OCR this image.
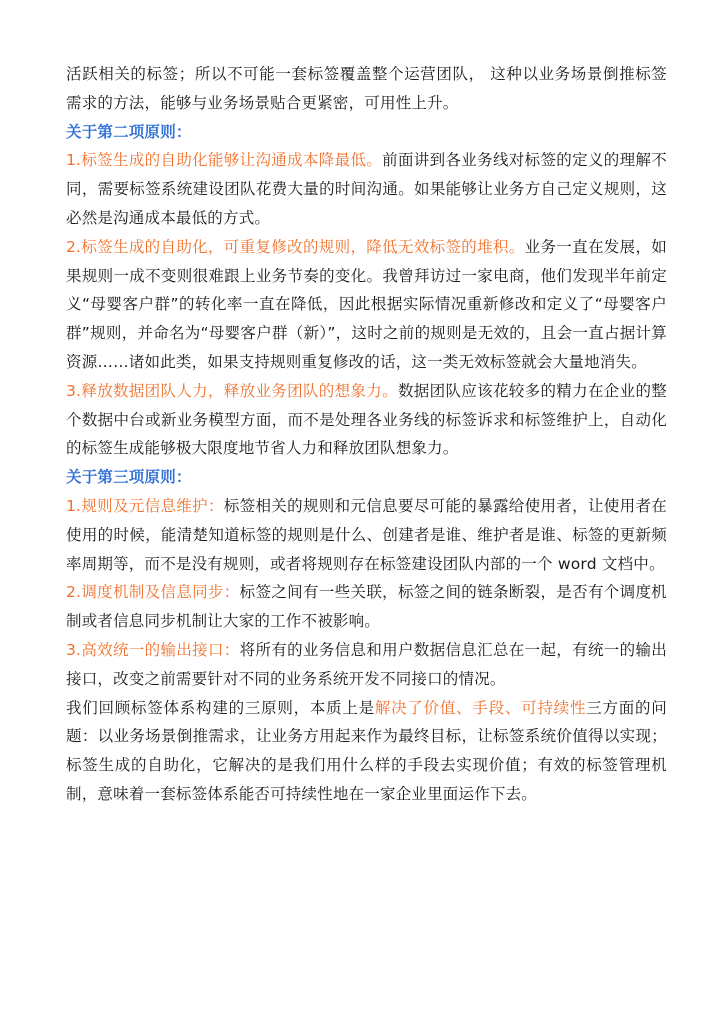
活跃相关的标签；所以不可能一套标签覆盖整个运营团队， 这种以业务场景倒推标签需求的方法，能够与业务场景贴合更紧密，可用性上升。

关于第二项原则：

1.标签生成的自助化能够让沟通成本降最低。前面讲到各业务线对标签的定义的理解不同，需要标签系统建设团队花费大量的时间沟通。如果能够让业务方自己定义规则，这必然是沟通成本最低的方式。

2.标签生成的自助化，可重复修改的规则，降低无效标签的堆积。业务一直在发展，如果规则一成不变则很难跟上业务节奏的变化。我曾拜访过一家电商，他们发现半年前定义“母婴客户群”的转化率一直在降低，因此根据实际情况重新修改和定义了“母婴客户群”规则，并命名为“母婴客户群（新）”，这时之前的规则是无效的，且会一直占据计算资源……诸如此类，如果支持规则重复修改的话，这一类无效标签就会大量地消失。

3.释放数据团队人力，释放业务团队的想象力。数据团队应该花较多的精力在企业的整个数据中台或新业务模型方面，而不是处理各业务线的标签诉求和标签维护上，自动化的标签生成能够极大限度地节省人力和释放团队想象力。

关于第三项原则：

1.规则及元信息维护：标签相关的规则和元信息要尽可能的暴露给使用者，让使用者在使用的时候，能清楚知道标签的规则是什么、创建者是谁、维护者是谁、标签的更新频率周期等，而不是没有规则，或者将规则存在标签建设团队内部的一个 word 文档中。

2.调度机制及信息同步：标签之间有一些关联，标签之间的链条断裂，是否有个调度机制或者信息同步机制让大家的工作不被影响。

3.高效统一的输出接口：将所有的业务信息和用户数据信息汇总在一起，有统一的输出接口，改变之前需要针对不同的业务系统开发不同接口的情况。

我们回顾标签体系构建的三原则，本质上是解决了价值、手段、可持续性三方面的问题：以业务场景倒推需求，让业务方用起来作为最终目标，让标签系统价值得以实现；标签生成的自助化，它解决的是我们用什么样的手段去实现价值；有效的标签管理机制，意味着一套标签体系能否可持续性地在一家企业里面运作下去。
